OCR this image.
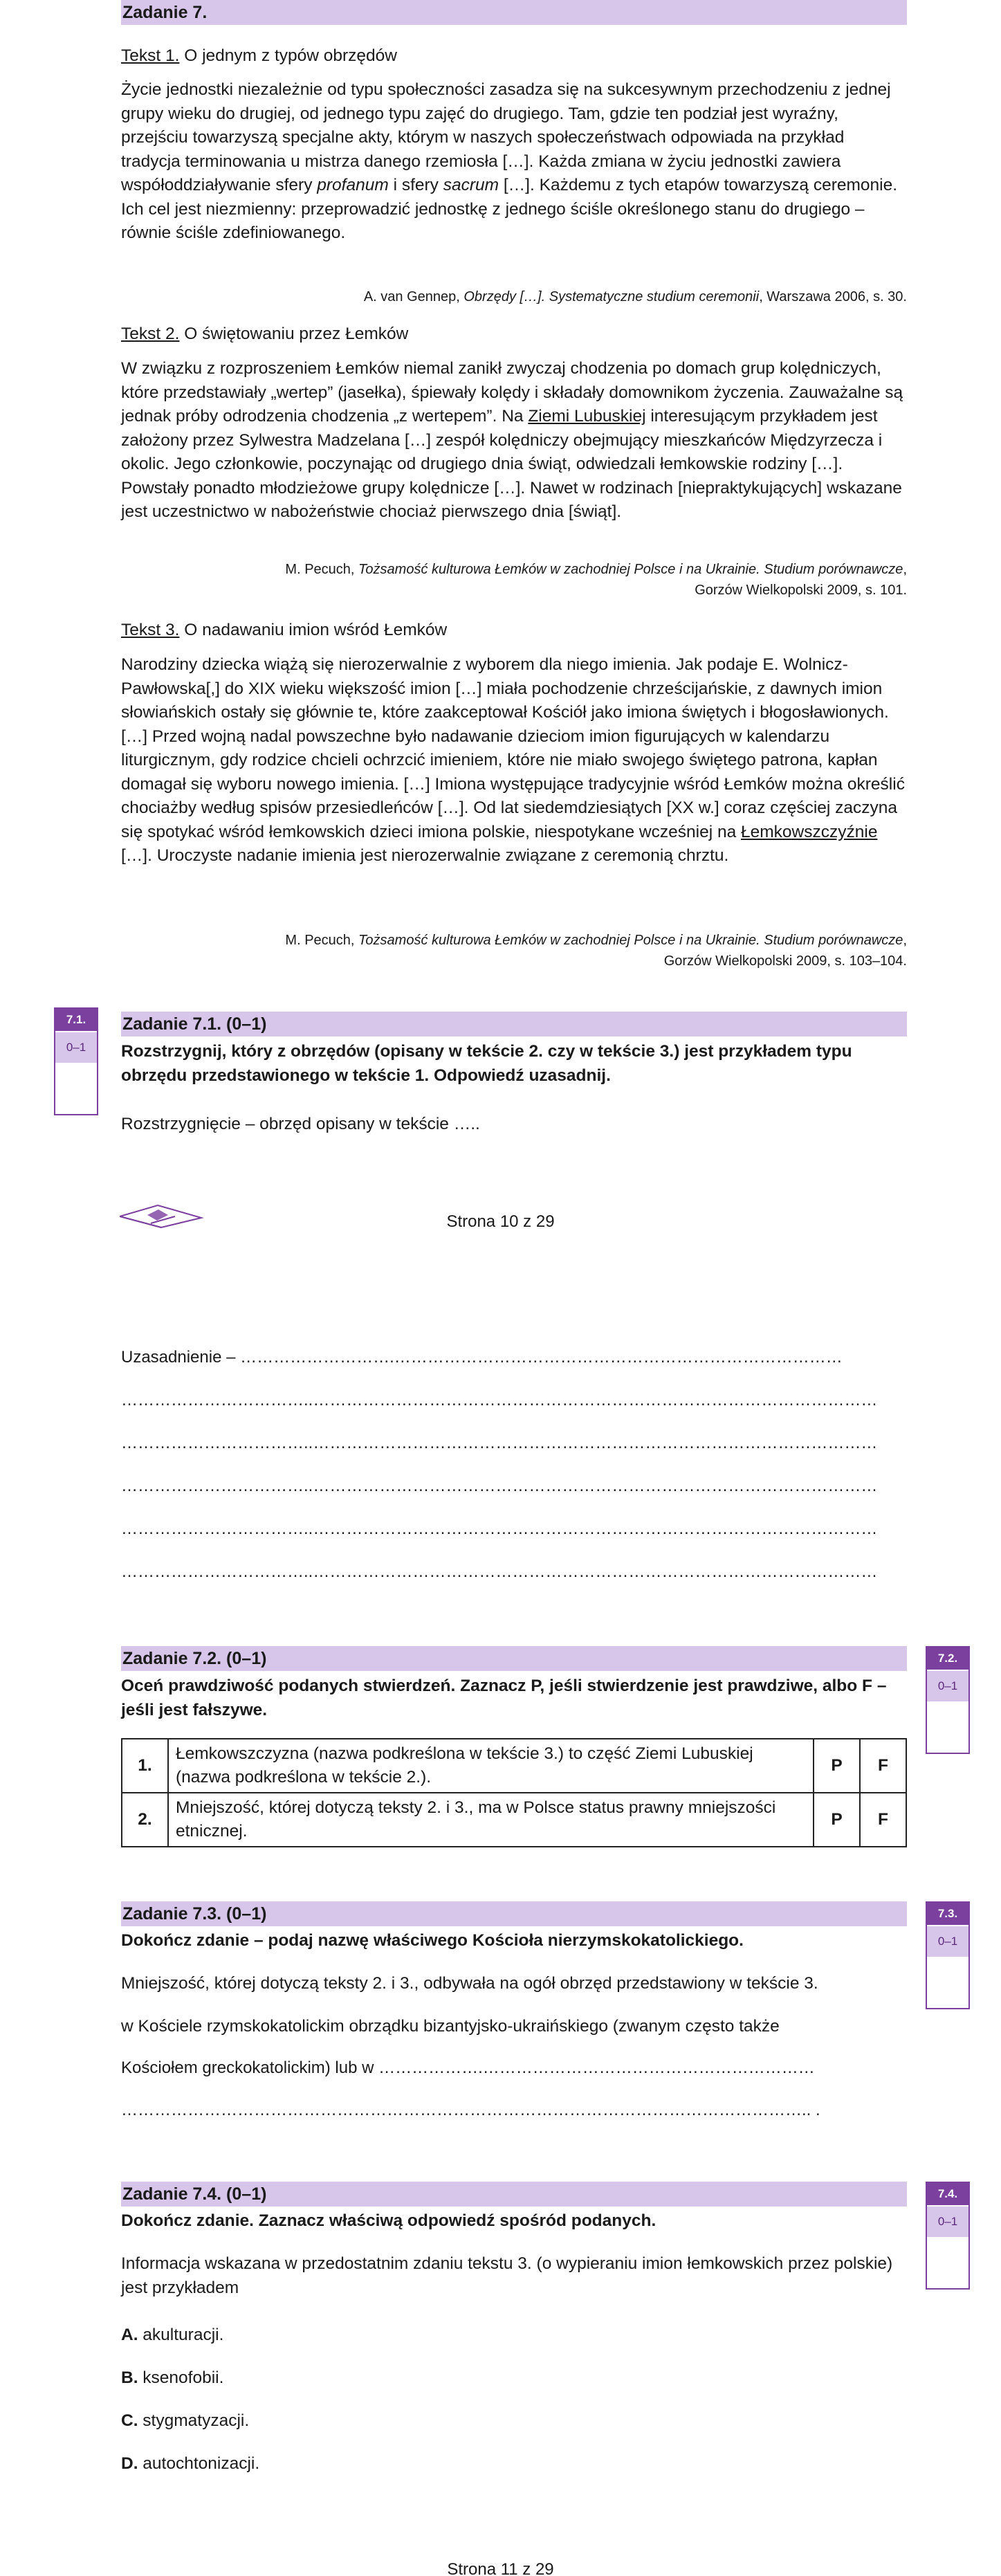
Zadanie 7.
Tekst 1. O jednym z typów obrzędów
Życie jednostki niezależnie od typu społeczności zasadza się na sukcesywnym przechodzeniu z jednej grupy wieku do drugiej, od jednego typu zajęć do drugiego. Tam, gdzie ten podział jest wyraźny, przejściu towarzyszą specjalne akty, którym w naszych społeczeństwach odpowiada na przykład tradycja terminowania u mistrza danego rzemiosła […]. Każda zmiana w życiu jednostki zawiera współoddziaływanie sfery profanum i sfery sacrum […]. Każdemu z tych etapów towarzyszą ceremonie. Ich cel jest niezmienny: przeprowadzić jednostkę z jednego ściśle określonego stanu do drugiego – równie ściśle zdefiniowanego.
A. van Gennep, Obrzędy […]. Systematyczne studium ceremonii, Warszawa 2006, s. 30.
Tekst 2. O świętowaniu przez Łemków
W związku z rozproszeniem Łemków niemal zanikł zwyczaj chodzenia po domach grup kolędniczych, które przedstawiały „wertep” (jasełka), śpiewały kolędy i składały domownikom życzenia. Zauważalne są jednak próby odrodzenia chodzenia „z wertepem”. Na Ziemi Lubuskiej interesującym przykładem jest założony przez Sylwestra Madzelana […] zespół kolędniczy obejmujący mieszkańców Międzyrzecza i okolic. Jego członkowie, poczynając od drugiego dnia świąt, odwiedzali łemkowskie rodziny […]. Powstały ponadto młodzieżowe grupy kolędnicze […]. Nawet w rodzinach [niepraktykujących] wskazane jest uczestnictwo w nabożeństwie chociaż pierwszego dnia [świąt].
M. Pecuch, Tożsamość kulturowa Łemków w zachodniej Polsce i na Ukrainie. Studium porównawcze,
Gorzów Wielkopolski 2009, s. 101.
Tekst 3. O nadawaniu imion wśród Łemków
Narodziny dziecka wiążą się nierozerwalnie z wyborem dla niego imienia. Jak podaje E. Wolnicz-Pawłowska[,] do XIX wieku większość imion […] miała pochodzenie chrześcijańskie, z dawnych imion słowiańskich ostały się głównie te, które zaakceptował Kościół jako imiona świętych i błogosławionych. […] Przed wojną nadal powszechne było nadawanie dzieciom imion figurujących w kalendarzu liturgicznym, gdy rodzice chcieli ochrzcić imieniem, które nie miało swojego świętego patrona, kapłan domagał się wyboru nowego imienia. […] Imiona występujące tradycyjnie wśród Łemków można określić chociażby według spisów przesiedleńców […]. Od lat siedemdziesiątych [XX w.] coraz częściej zaczyna się spotykać wśród łemkowskich dzieci imiona polskie, niespotykane wcześniej na Łemkowszczyźnie […]. Uroczyste nadanie imienia jest nierozerwalnie związane z ceremonią chrztu.
M. Pecuch, Tożsamość kulturowa Łemków w zachodniej Polsce i na Ukrainie. Studium porównawcze,
Gorzów Wielkopolski 2009, s. 103–104.
7.1.
0–1
Zadanie 7.1. (0–1)
Rozstrzygnij, który z obrzędów (opisany w tekście 2. czy w tekście 3.) jest przykładem typu obrzędu przedstawionego w tekście 1. Odpowiedź uzasadnij.
Rozstrzygnięcie – obrzęd opisany w tekście …..
Strona 10 z 29
Uzasadnienie – ……………………….………………………………………………………………………
……………………………..…………………………………………………………………………………………
……………………………..…………………………………………………………………………………………
……………………………..…………………………………………………………………………………………
……………………………..…………………………………………………………………………………………
……………………………..…………………………………………………………………………………………
7.2.
0–1
Zadanie 7.2. (0–1)
Oceń prawdziwość podanych stwierdzeń. Zaznacz P, jeśli stwierdzenie jest prawdziwe, albo F – jeśli jest fałszywe.
1.	Łemkowszczyzna (nazwa podkreślona w tekście 3.) to część Ziemi Lubuskiej (nazwa podkreślona w tekście 2.).	P	F
2.	Mniejszość, której dotyczą teksty 2. i 3., ma w Polsce status prawny mniejszości etnicznej.	P	F
7.3.
0–1
Zadanie 7.3. (0–1)
Dokończ zdanie – podaj nazwę właściwego Kościoła nierzymskokatolickiego.
Mniejszość, której dotyczą teksty 2. i 3., odbywała na ogół obrzęd przedstawiony w tekście 3.
w Kościele rzymskokatolickim obrządku bizantyjsko-ukraińskiego (zwanym często także
Kościołem greckokatolickim) lub w ……………….……………………………………………………
…………………………………………………………………………………………………………….. .
7.4.
0–1
Zadanie 7.4. (0–1)
Dokończ zdanie. Zaznacz właściwą odpowiedź spośród podanych.
Informacja wskazana w przedostatnim zdaniu tekstu 3. (o wypieraniu imion łemkowskich przez polskie) jest przykładem
A. akulturacji.
B. ksenofobii.
C. stygmatyzacji.
D. autochtonizacji.
Strona 11 z 29
